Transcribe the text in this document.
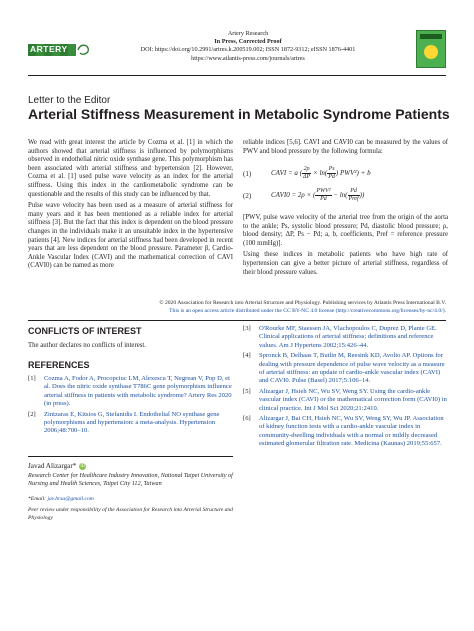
ARTERY
Artery Research
In Press, Corrected Proof
DOI: https://doi.org/10.2991/artres.k.200519.002; ISSN 1872-9312; eISSN 1876-4401
https://www.atlantis-press.com/journals/artres
Letter to the Editor
Arterial Stiffness Measurement in Metabolic Syndrome Patients

We read with great interest the article by Cozma et al. [1] in which the authors showed that arterial stiffness is influenced by polymorphisms observed in endothelial nitric oxide synthase gene. This polymorphism has been associated with arterial stiffness and hypertension [2]. However, Cozma et al. [1] used pulse wave velocity as an index for the arterial stiffness. Using this index in the cardiometabolic syndrome can be questionable and the results of this study can be influenced by that.

Pulse wave velocity has been used as a measure of arterial stiffness for many years and it has been mentioned as a reliable index for arterial stiffness [3]. But the fact that this index is dependent on the blood pressure changes in the individuals make it an unsuitable index in the hypertensive patients [4]. New indices for arterial stiffness had been developed in recent years that are less dependent on the blood pressure. Parameter β, Cardio-Ankle Vascular Index (CAVI) and the mathematical correction of CAVI (CAVI0) can be named as more

reliable indices [5,6]. CAVI and CAVI0 can be measured by the values of PWV and blood pressure by the following formula:
(1)	CAVI = a ( $\frac{2\rho}{\Delta P} \times \ln( \frac{Ps}{Pd}$ ) PWV²) + b
(2)	CAVI0 = 2ρ × ( $\frac{\text{PWV²}}{Pd} - \ln( \frac{Pd}{\text{Pref}}$ ))

[PWV, pulse wave velocity of the arterial tree from the origin of the aorta to the ankle; Ps, systolic blood pressure; Pd, diastolic blood pressure; ρ, blood density; ΔP, Ps − Pd; a, b, coefficients, Pref = reference pressure (100 mmHg)].

Using these indices in metabolic patients who have high rate of hypertension can give a better picture of arterial stiffness, regardless of their blood pressure values.

© 2020 Association for Research into Arterial Structure and Physiology. Publishing services by Atlantis Press International B.V.
This is an open access article distributed under the CC BY-NC 4.0 license (http://creativecommons.org/licenses/by-nc/4.0/).
CONFLICTS OF INTEREST
The author declares no conflicts of interest.
REFERENCES
[1]	Cozma A, Fodor A, Procopciuc LM, Alexescu T, Negrean V, Pop D, et al. Does the nitric oxide synthase T786C gene polymorphism influence arterial stiffness in patients with metabolic syndrome? Artery Res 2020 (in press).
[2]	Zintzaras E, Kitsios G, Stefanidis I. Endothelial NO synthase gene polymorphisms and hypertension: a meta-analysis. Hypertension 2006;48:700–10.
[3]	O'Rourke MF, Staessen JA, Vlachopoulos C, Duprez D, Plante GE. Clinical applications of arterial stiffness; definitions and reference values. Am J Hypertens 2002;15:426–44.
[4]	Spronck B, Delhaas T, Butlin M, Reesink KD, Avolio AP. Options for dealing with pressure dependence of pulse wave velocity as a measure of arterial stiffness: an update of cardio-ankle vascular index (CAVI) and CAVI0. Pulse (Basel) 2017;5:106–14.
[5]	Alizargar J, Hsieh NC, Wu SV, Weng SY. Using the cardio-ankle vascular index (CAVI) or the mathematical correction form (CAVI0) in clinical practice. Int J Mol Sci 2020;21:2410.
[6]	Alizargar J, Bai CH, Hsieh NC, Wu SV, Weng SY, Wu JP. Association of kidney function tests with a cardio-ankle vascular index in community-dwelling individuals with a normal or mildly decreased estimated glomerular filtration rate. Medicina (Kaunas) 2019;55:657.
Javad Alizargar* iD
Research Center for Healthcare Industry Innovation, National Taipei University of Nursing and Health Sciences, Taipei City 112, Taiwan
*Email: jav.hrsa@gmail.com
Peer review under responsibility of the Association for Research into Arterial Structure and Physiology
